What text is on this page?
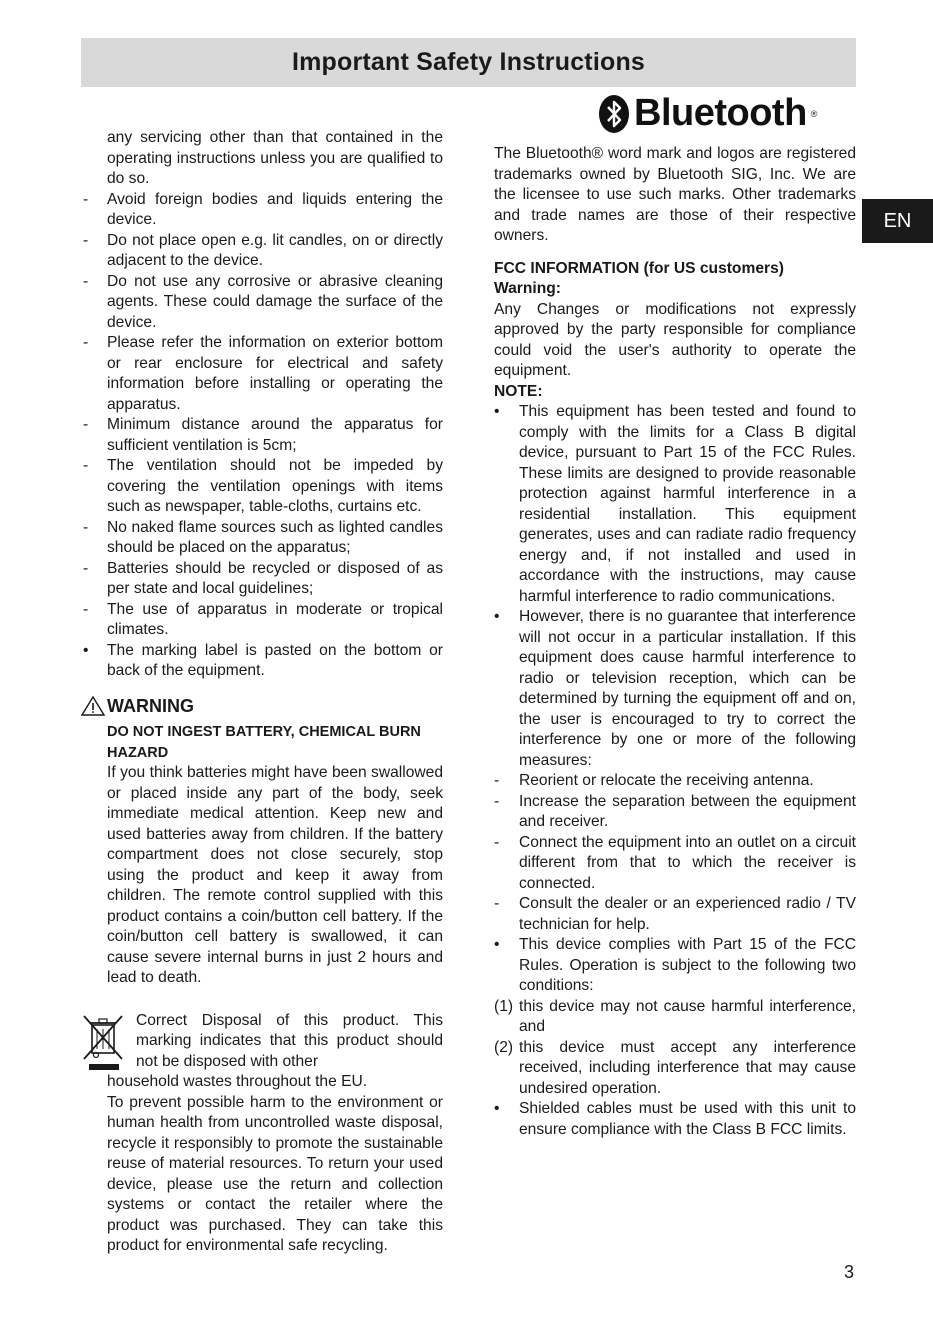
Important Safety Instructions
EN

any servicing other than that contained in the operating instructions unless you are qualified to do so.

- Avoid foreign bodies and liquids entering the device.
- Do not place open e.g. lit candles, on or directly adjacent to the device.
- Do not use any corrosive or abrasive cleaning agents. These could damage the surface of the device.
- Please refer the information on exterior bottom or rear enclosure for electrical and safety information before installing or operating the apparatus.
- Minimum distance around the apparatus for sufficient ventilation is 5cm;
- The ventilation should not be impeded by covering the ventilation openings with items such as newspaper, table-cloths, curtains etc.
- No naked flame sources such as lighted candles should be placed on the apparatus;
- Batteries should be recycled or disposed of as per state and local guidelines;
- The use of apparatus in moderate or tropical climates.
• The marking label is pasted on the bottom or back of the equipment.
WARNING
DO NOT INGEST BATTERY, CHEMICAL BURN HAZARD

If you think batteries might have been swallowed or placed inside any part of the body, seek immediate medical attention. Keep new and used batteries away from children. If the battery compartment does not close securely, stop using the product and keep it away from children. The remote control supplied with this product contains a coin/button cell battery. If the coin/button cell battery is swallowed, it can cause severe internal burns in just 2 hours and lead to death.

Correct Disposal of this product. This marking indicates that this product should not be disposed with other

household wastes throughout the EU.

To prevent possible harm to the environment or human health from uncontrolled waste disposal, recycle it responsibly to promote the sustainable reuse of material resources. To return your used device, please use the return and collection systems or contact the retailer where the product was purchased. They can take this product for environmental safe recycling.

Bluetooth ®

The Bluetooth® word mark and logos are registered trademarks owned by Bluetooth SIG, Inc. We are the licensee to use such marks. Other trademarks and trade names are those of their respective owners.

FCC INFORMATION (for US customers)

Warning:

Any Changes or modifications not expressly approved by the party responsible for compliance could void the user's authority to operate the equipment.

NOTE:

• This equipment has been tested and found to comply with the limits for a Class B digital device, pursuant to Part 15 of the FCC Rules. These limits are designed to provide reasonable protection against harmful interference in a residential installation. This equipment generates, uses and can radiate radio frequency energy and, if not installed and used in accordance with the instructions, may cause harmful interference to radio communications.
• However, there is no guarantee that interference will not occur in a particular installation. If this equipment does cause harmful interference to radio or television reception, which can be determined by turning the equipment off and on, the user is encouraged to try to correct the interference by one or more of the following measures:
- Reorient or relocate the receiving antenna.
- Increase the separation between the equipment and receiver.
- Connect the equipment into an outlet on a circuit different from that to which the receiver is connected.
- Consult the dealer or an experienced radio / TV technician for help.
• This device complies with Part 15 of the FCC Rules. Operation is subject to the following two conditions:
(1) this device may not cause harmful interference, and
(2) this device must accept any interference received, including interference that may cause undesired operation.
• Shielded cables must be used with this unit to ensure compliance with the Class B FCC limits.
3
